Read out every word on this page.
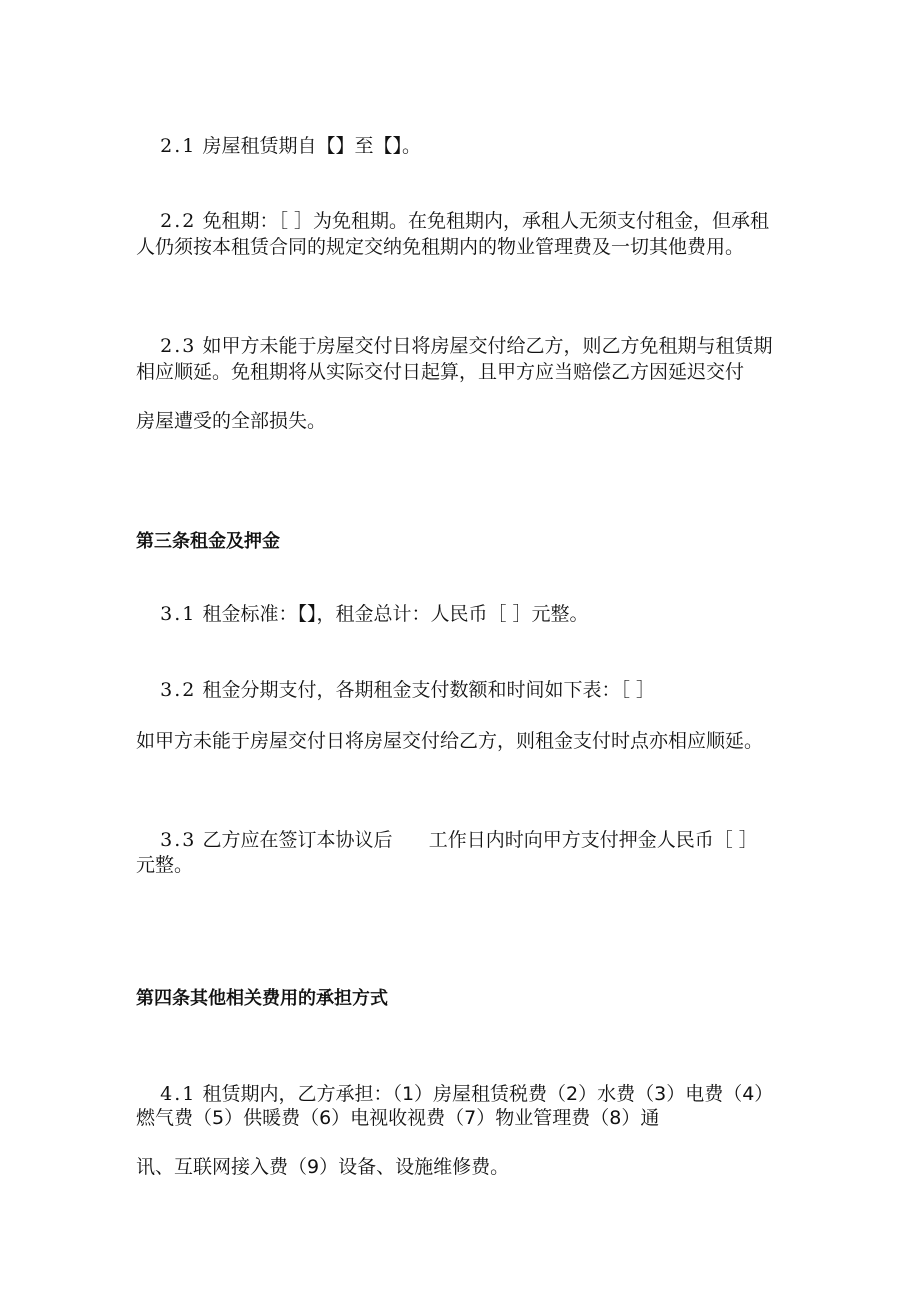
2.1 房屋租赁期自【】至【】。

2.2 免租期：［ ］为免租期。在免租期内，承租人无须支付租金，但承租

人仍须按本租赁合同的规定交纳免租期内的物业管理费及一切其他费用。

2.3 如甲方未能于房屋交付日将房屋交付给乙方，则乙方免租期与租赁期

相应顺延。免租期将从实际交付日起算，且甲方应当赔偿乙方因延迟交付
房屋遭受的全部损失。
第三条租金及押金

3.1 租金标准：【】，租金总计：人民币［ ］元整。

3.2 租金分期支付，各期租金支付数额和时间如下表：［ ］

如甲方未能于房屋交付日将房屋交付给乙方，则租金支付时点亦相应顺延。

3.3 乙方应在签订本协议后 工作日内时向甲方支付押金人民币［ ］

元整。
第四条其他相关费用的承担方式

4.1 租赁期内，乙方承担：（1）房屋租赁税费（2）水费（3）电费（4）

燃气费（5）供暖费（6）电视收视费（7）物业管理费（8）通
讯、互联网接入费（9）设备、设施维修费。
